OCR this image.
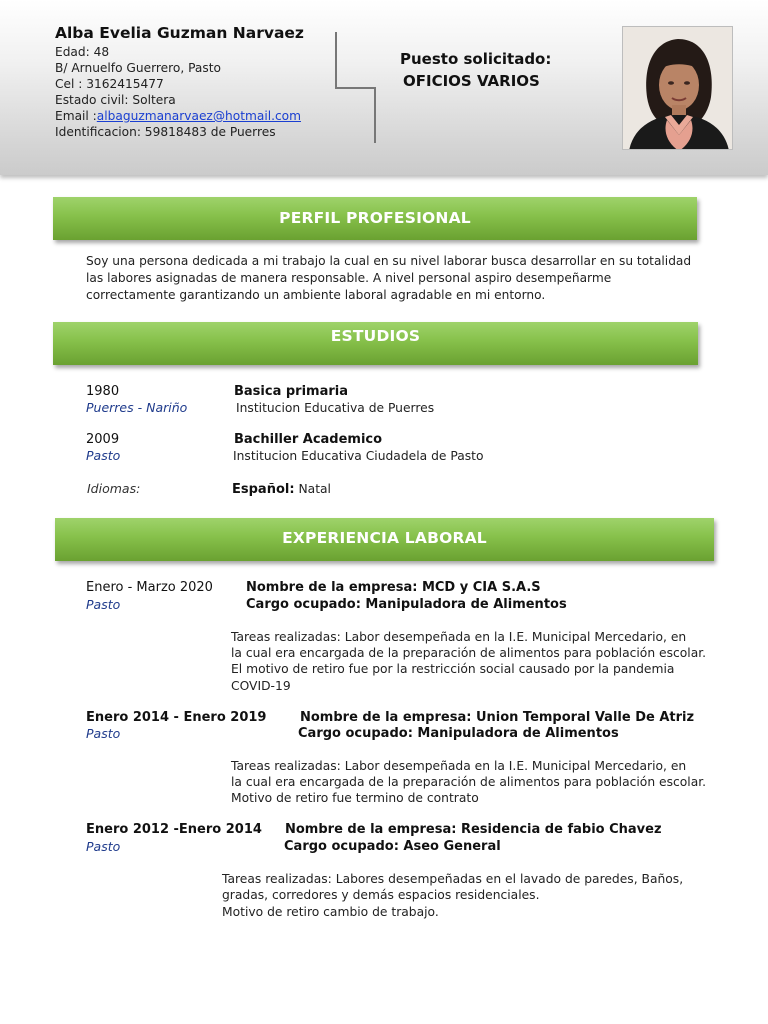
Alba Evelia Guzman Narvaez
Edad: 48
B/ Arnuelfo Guerrero, Pasto
Cel : 3162415477
Estado civil: Soltera
Email :albaguzmanarvaez@hotmail.com
Identificacion: 59818483 de Puerres
Puesto solicitado:
OFICIOS VARIOS
PERFIL PROFESIONAL
Soy una persona dedicada a mi trabajo la cual en su nivel laborar busca desarrollar en su totalidad
las labores asignadas de manera responsable. A nivel personal aspiro desempeñarme
correctamente garantizando un ambiente laboral agradable en mi entorno.
ESTUDIOS
1980
Puerres - Nariño
Basica primaria
Institucion Educativa de Puerres
2009
Pasto
Bachiller Academico
Institucion Educativa Ciudadela de Pasto
Idiomas:	Español: Natal
EXPERIENCIA LABORAL
Enero - Marzo 2020
Pasto
Nombre de la empresa: MCD y CIA S.A.S
Cargo ocupado: Manipuladora de Alimentos
Tareas realizadas: Labor desempeñada en la I.E. Municipal Mercedario, en
la cual era encargada de la preparación de alimentos para población escolar.
El motivo de retiro fue por la restricción social causado por la pandemia
COVID-19
Enero 2014 - Enero 2019
Pasto
Nombre de la empresa: Union Temporal Valle De Atriz
Cargo ocupado: Manipuladora de Alimentos
Tareas realizadas: Labor desempeñada en la I.E. Municipal Mercedario, en
la cual era encargada de la preparación de alimentos para población escolar.
Motivo de retiro fue termino de contrato
Enero 2012 -Enero 2014
Pasto
Nombre de la empresa: Residencia de fabio Chavez
Cargo ocupado: Aseo General
Tareas realizadas: Labores desempeñadas en el lavado de paredes, Baños,
gradas, corredores y demás espacios residenciales.
Motivo de retiro cambio de trabajo.
